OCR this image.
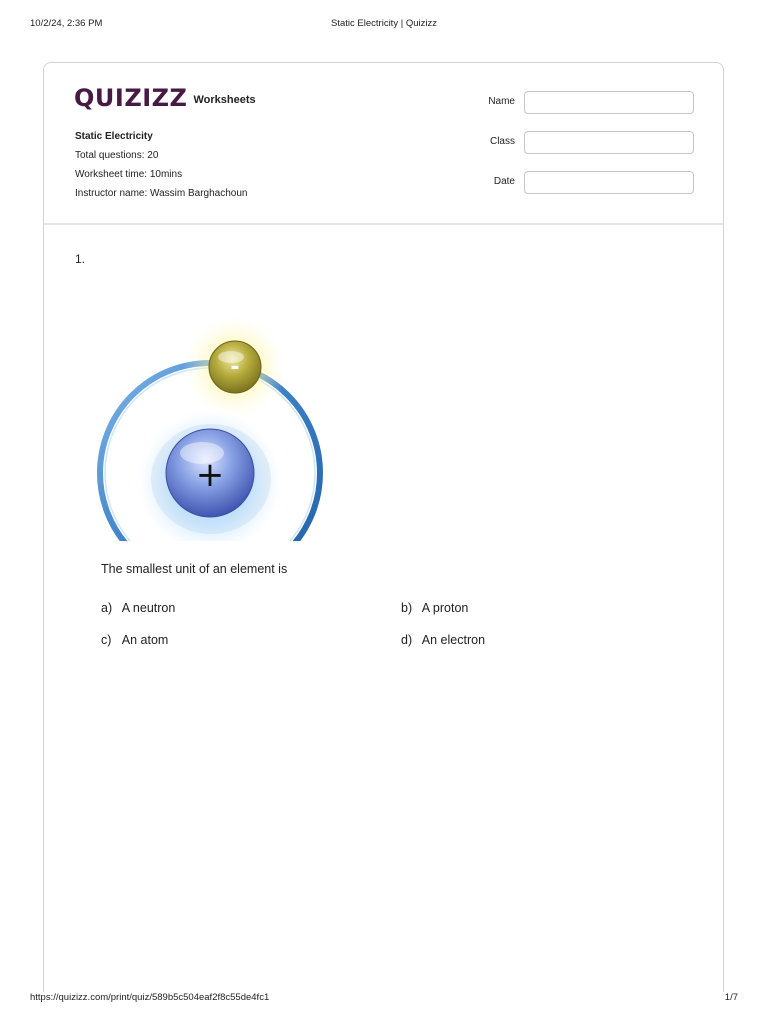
10/2/24, 2:36 PM	Static Electricity | Quizizz
QUIZIZZ Worksheets
Static Electricity
Total questions: 20
Worksheet time: 10mins
Instructor name: Wassim Barghachoun
Name
Class
Date
1.
+
-
The smallest unit of an element is
a) A neutron	b) A proton
c) An atom	d) An electron
https://quizizz.com/print/quiz/589b5c504eaf2f8c55de4fc1	1/7
